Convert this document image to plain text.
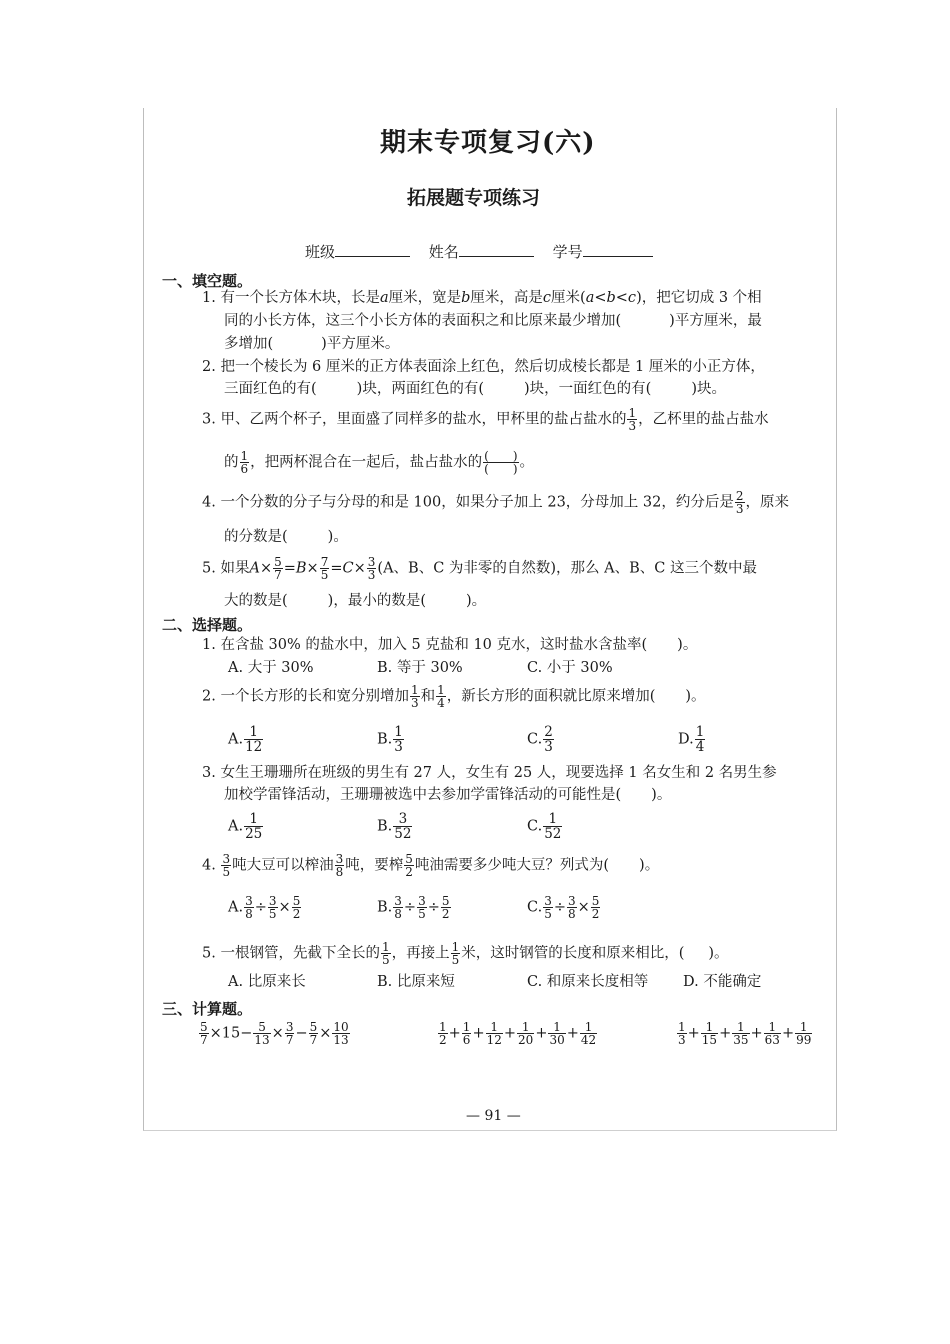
期末专项复习(六)
拓展题专项练习
班级	姓名	学号
一、填空题。
1. 有一个长方体木块，长是a厘米，宽是b厘米，高是c厘米(a<b<c)，把它切成 3 个相
同的小长方体，这三个小长方体的表面积之和比原来最少增加(	)平方厘米，最
多增加(	)平方厘米。
2. 把一个棱长为 6 厘米的正方体表面涂上红色，然后切成棱长都是 1 厘米的小正方体，
三面红色的有(	)块，两面红色的有(	)块，一面红色的有(	)块。
3. 甲、乙两个杯子，里面盛了同样多的盐水，甲杯里的盐占盐水的 $\frac{1}{3}$ ，乙杯里的盐占盐水
的 $\frac{1}{6}$ ，把两杯混合在一起后，盐占盐水的 $\frac{( )}{( )}$ 。
4. 一个分数的分子与分母的和是 100，如果分子加上 23，分母加上 32，约分后是 $\frac{2}{3}$ ，原来
的分数是(	)。
5. 如果$A\times \frac{5}{7} =B\times \frac{7}{5} =C\times \frac{3}{3} (A$、B、C 为非零的自然数)，那么 A、B、C 这三个数中最
大的数是(	)，最小的数是(	)。
二、选择题。
1. 在含盐 30% 的盐水中，加入 5 克盐和 10 克水，这时盐水含盐率( )。
A. 大于 30%	B. 等于 30%	C. 小于 30%
2. 一个长方形的长和宽分别增加 $\frac{1}{3}$ 和 $\frac{1}{4}$ ，新长方形的面积就比原来增加( )。
A. $\frac{1}{12}$	B. $\frac{1}{3}$	C. $\frac{2}{3}$	D. $\frac{1}{4}$
3. 女生王珊珊所在班级的男生有 27 人，女生有 25 人，现要选择 1 名女生和 2 名男生参
加校学雷锋活动，王珊珊被选中去参加学雷锋活动的可能性是( )。
A. $\frac{1}{25}$	B. $\frac{3}{52}$	C. $\frac{1}{52}$
4. $\frac{3}{5}$ 吨大豆可以榨油 $\frac{3}{8}$ 吨，要榨 $\frac{5}{2}$ 吨油需要多少吨大豆？列式为( )。
A. $\frac{3}{8} \div \frac{3}{5} \times \frac{5}{2}$	B. $\frac{3}{8} \div \frac{3}{5} \div \frac{5}{2}$	C. $\frac{3}{5} \div \frac{3}{8} \times \frac{5}{2}$
5. 一根钢管，先截下全长的 $\frac{1}{5}$ ，再接上 $\frac{1}{5}$ 米，这时钢管的长度和原来相比，( )。
A. 比原来长	B. 比原来短	C. 和原来长度相等 D. 不能确定
三、计算题。
$\frac{5}{7} \times 15- \frac{5}{13} \times \frac{3}{7} - \frac{5}{7} \times \frac{10}{13}$	$\frac{1}{2} + \frac{1}{6} + \frac{1}{12} + \frac{1}{20} + \frac{1}{30} + \frac{1}{42}$	$\frac{1}{3} + \frac{1}{15} + \frac{1}{35} + \frac{1}{63} + \frac{1}{99}$
— 91 —
